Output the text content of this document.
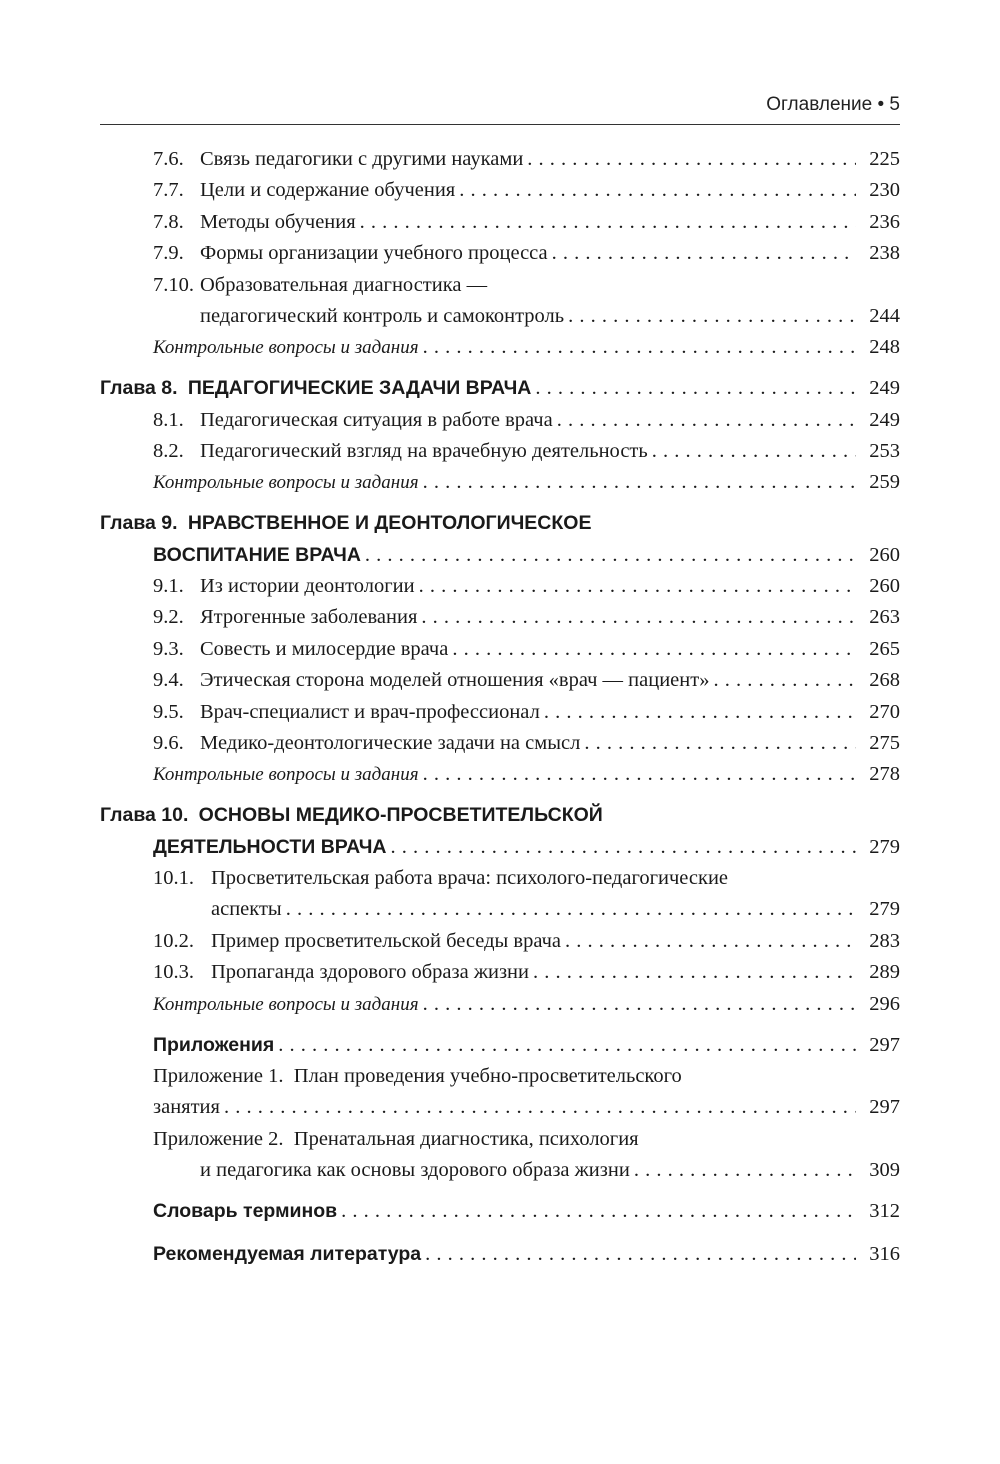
Оглавление • 5
7.6. Связь педагогики с другими науками . . .	225
7.7. Цели и содержание обучения . . .	230
7.8. Методы обучения . . .	236
7.9. Формы организации учебного процесса . . .	238
7.10. Образовательная диагностика —
педагогический контроль и самоконтроль . . .	244
Контрольные вопросы и задания . . .	248
Глава 8.
ПЕДАГОГИЧЕСКИЕ ЗАДАЧИ ВРАЧА . . .	249
8.1. Педагогическая ситуация в работе врача . . .	249
8.2. Педагогический взгляд на врачебную деятельность . . .	253
Контрольные вопросы и задания . . .	259
Глава 9.
НРАВСТВЕННОЕ И ДЕОНТОЛОГИЧЕСКОЕ
ВОСПИТАНИЕ ВРАЧА . . .	260
9.1. Из истории деонтологии . . .	260
9.2. Ятрогенные заболевания . . .	263
9.3. Совесть и милосердие врача . . .	265
9.4. Этическая сторона моделей отношения «врач — пациент» . . .	268
9.5. Врач-специалист и врач-профессионал . . .	270
9.6. Медико-деонтологические задачи на смысл . . .	275
Контрольные вопросы и задания . . .	278
Глава 10.
ОСНОВЫ МЕДИКО-ПРОСВЕТИТЕЛЬСКОЙ
ДЕЯТЕЛЬНОСТИ ВРАЧА . . .	279
10.1. Просветительская работа врача: психолого-педагогические
аспекты . . .	279
10.2. Пример просветительской беседы врача . . .	283
10.3. Пропаганда здорового образа жизни . . .	289
Контрольные вопросы и задания . . .	296
Приложения . . .	297
Приложение 1.
План проведения учебно-просветительского
занятия . . .	297
Приложение 2.
Пренатальная диагностика, психология
и педагогика как основы здорового образа жизни . . .	309
Словарь терминов . . .	312
Рекомендуемая литература . . .	316
